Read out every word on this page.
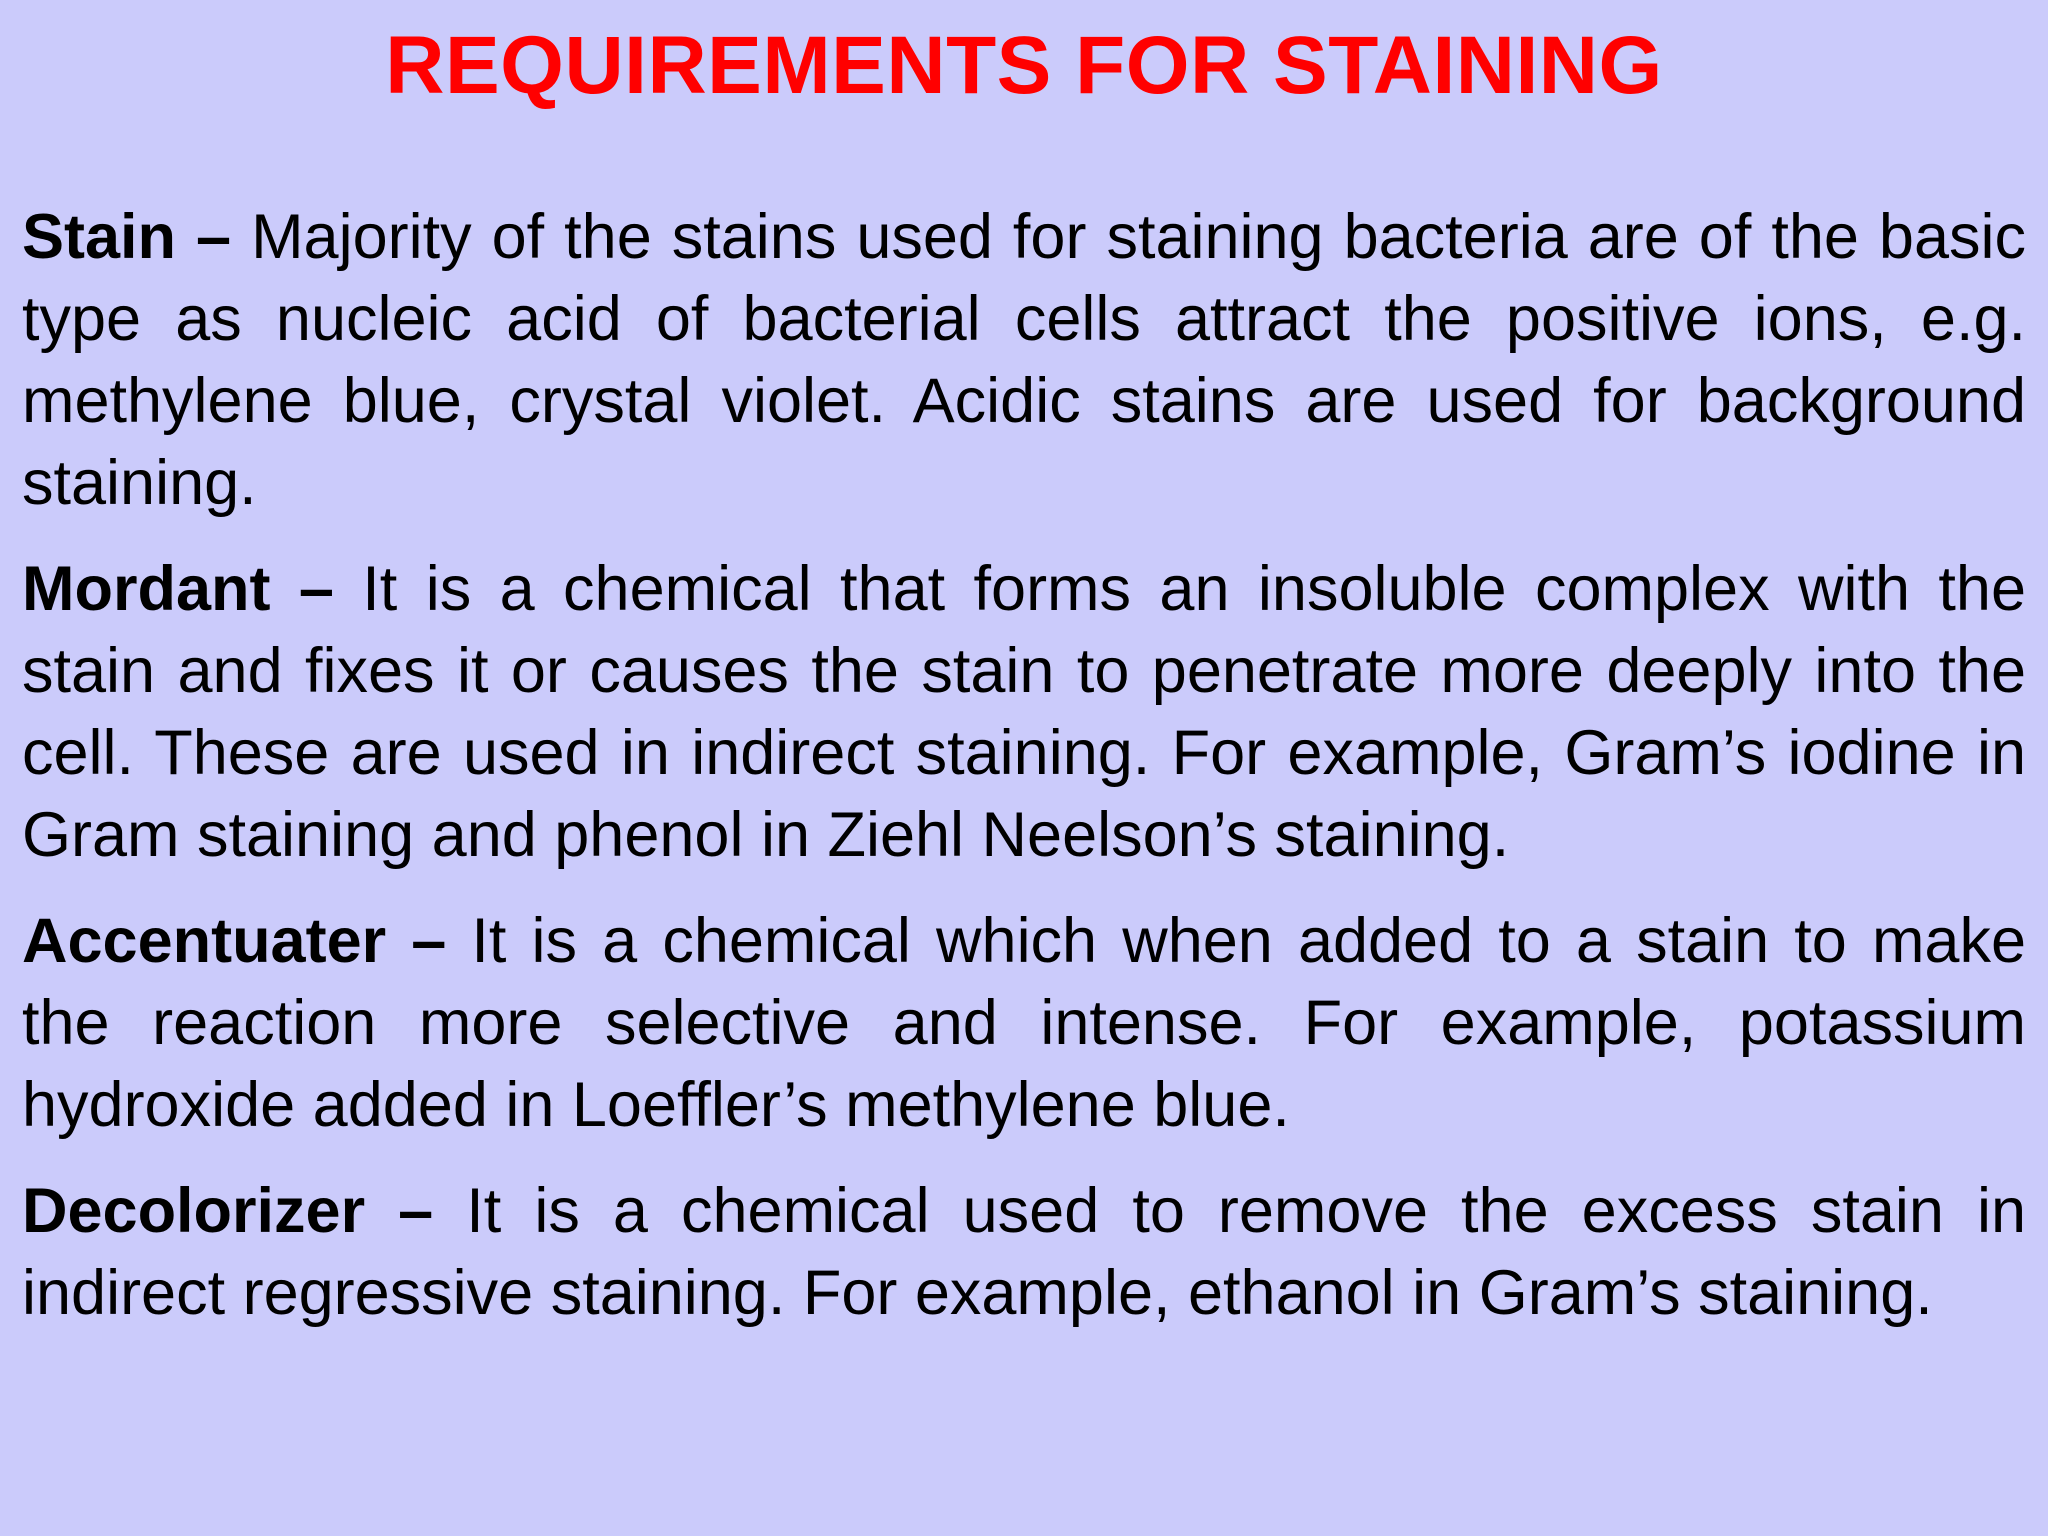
REQUIREMENTS FOR STAINING

Stain – Majority of the stains used for staining bacteria are of the basic type as nucleic acid of bacterial cells attract the positive ions, e.g. methylene blue, crystal violet. Acidic stains are used for background staining.

Mordant – It is a chemical that forms an insoluble complex with the stain and fixes it or causes the stain to penetrate more deeply into the cell. These are used in indirect staining. For example, Gram’s iodine in Gram staining and phenol in Ziehl Neelson’s staining.

Accentuater – It is a chemical which when added to a stain to make the reaction more selective and intense. For example, potassium hydroxide added in Loeffler’s methylene blue.

Decolorizer – It is a chemical used to remove the excess stain in indirect regressive staining. For example, ethanol in Gram’s staining.
